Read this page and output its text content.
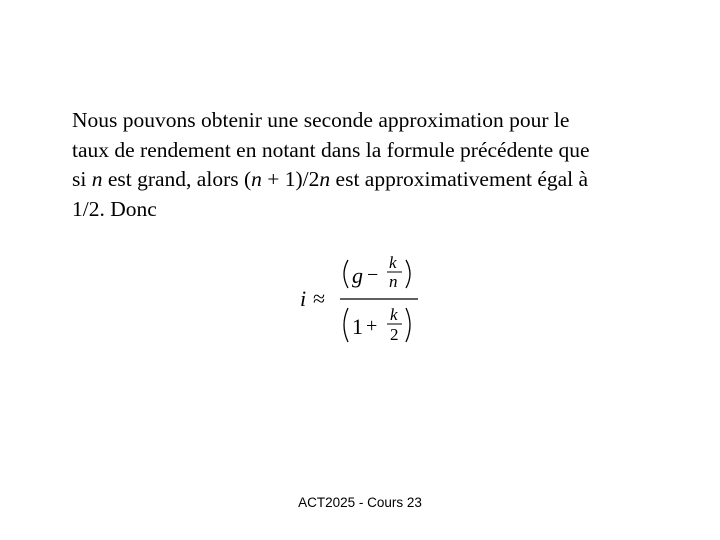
Nous pouvons obtenir une seconde approximation pour le
taux de rendement en notant dans la formule précédente que
si n est grand, alors (n + 1)/2n est approximativement égal à
1/2. Donc
i ≈
g −
k
n
1 +
k
2
ACT2025 - Cours 23
